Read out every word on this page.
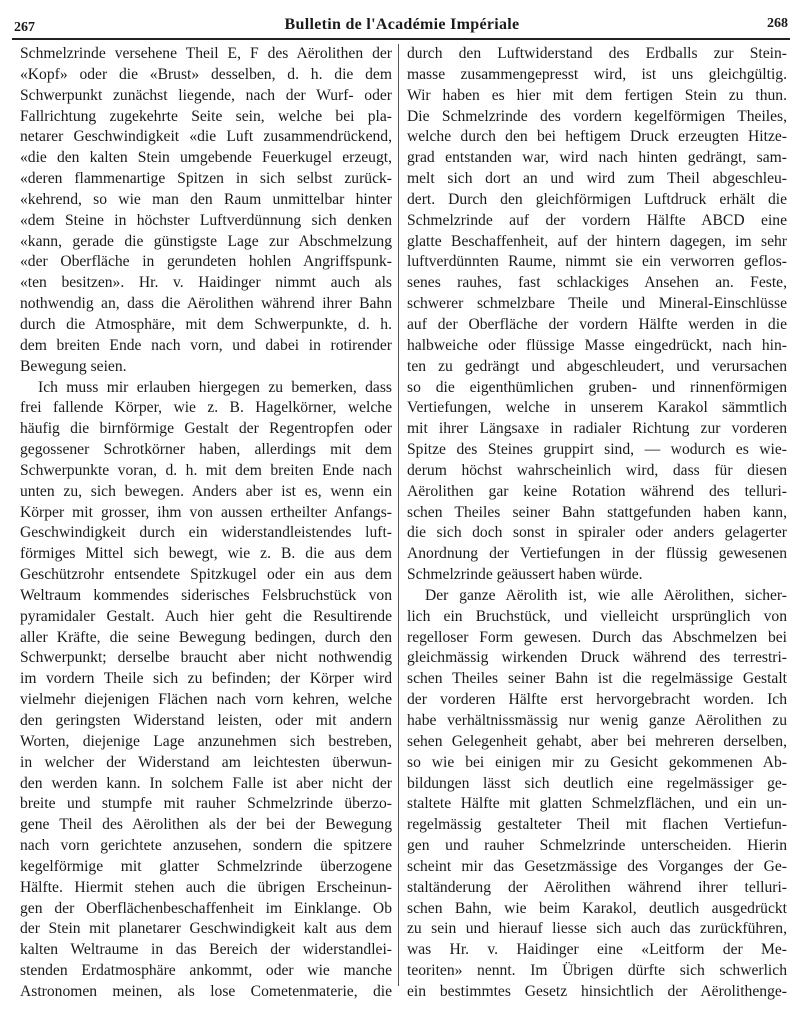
267	Bulletin de l'Académie Impériale	268
Schmelzrinde versehene Theil E, F des Aërolithen der
«Kopf» oder die «Brust» desselben, d. h. die dem
Schwerpunkt zunächst liegende, nach der Wurf- oder
Fallrichtung zugekehrte Seite sein, welche bei pla-
netarer Geschwindigkeit «die Luft zusammendrückend,
«die den kalten Stein umgebende Feuerkugel erzeugt,
«deren flammenartige Spitzen in sich selbst zurück-
«kehrend, so wie man den Raum unmittelbar hinter
«dem Steine in höchster Luftverdünnung sich denken
«kann, gerade die günstigste Lage zur Abschmelzung
«der Oberfläche in gerundeten hohlen Angriffspunk-
«ten besitzen». Hr. v. Haidinger nimmt auch als
nothwendig an, dass die Aërolithen während ihrer Bahn
durch die Atmosphäre, mit dem Schwerpunkte, d. h.
dem breiten Ende nach vorn, und dabei in rotirender
Bewegung seien.
Ich muss mir erlauben hiergegen zu bemerken, dass
frei fallende Körper, wie z. B. Hagelkörner, welche
häufig die birnförmige Gestalt der Regentropfen oder
gegossener Schrotkörner haben, allerdings mit dem
Schwerpunkte voran, d. h. mit dem breiten Ende nach
unten zu, sich bewegen. Anders aber ist es, wenn ein
Körper mit grosser, ihm von aussen ertheilter Anfangs-
Geschwindigkeit durch ein widerstandleistendes luft-
förmiges Mittel sich bewegt, wie z. B. die aus dem
Geschützrohr entsendete Spitzkugel oder ein aus dem
Weltraum kommendes siderisches Felsbruchstück von
pyramidaler Gestalt. Auch hier geht die Resultirende
aller Kräfte, die seine Bewegung bedingen, durch den
Schwerpunkt; derselbe braucht aber nicht nothwendig
im vordern Theile sich zu befinden; der Körper wird
vielmehr diejenigen Flächen nach vorn kehren, welche
den geringsten Widerstand leisten, oder mit andern
Worten, diejenige Lage anzunehmen sich bestreben,
in welcher der Widerstand am leichtesten überwun-
den werden kann. In solchem Falle ist aber nicht der
breite und stumpfe mit rauher Schmelzrinde überzo-
gene Theil des Aërolithen als der bei der Bewegung
nach vorn gerichtete anzusehen, sondern die spitzere
kegelförmige mit glatter Schmelzrinde überzogene
Hälfte. Hiermit stehen auch die übrigen Erscheinun-
gen der Oberflächenbeschaffenheit im Einklange. Ob
der Stein mit planetarer Geschwindigkeit kalt aus dem
kalten Weltraume in das Bereich der widerstandlei-
stenden Erdatmosphäre ankommt, oder wie manche
Astronomen meinen, als lose Cometenmaterie, die
durch den Luftwiderstand des Erdballs zur Stein-
masse zusammengepresst wird, ist uns gleichgültig.
Wir haben es hier mit dem fertigen Stein zu thun.
Die Schmelzrinde des vordern kegelförmigen Theiles,
welche durch den bei heftigem Druck erzeugten Hitze-
grad entstanden war, wird nach hinten gedrängt, sam-
melt sich dort an und wird zum Theil abgeschleu-
dert. Durch den gleichförmigen Luftdruck erhält die
Schmelzrinde auf der vordern Hälfte ABCD eine
glatte Beschaffenheit, auf der hintern dagegen, im sehr
luftverdünnten Raume, nimmt sie ein verworren geflos-
senes rauhes, fast schlackiges Ansehen an. Feste,
schwerer schmelzbare Theile und Mineral-Einschlüsse
auf der Oberfläche der vordern Hälfte werden in die
halbweiche oder flüssige Masse eingedrückt, nach hin-
ten zu gedrängt und abgeschleudert, und verursachen
so die eigenthümlichen gruben- und rinnenförmigen
Vertiefungen, welche in unserem Karakol sämmtlich
mit ihrer Längsaxe in radialer Richtung zur vorderen
Spitze des Steines gruppirt sind, — wodurch es wie-
derum höchst wahrscheinlich wird, dass für diesen
Aërolithen gar keine Rotation während des telluri-
schen Theiles seiner Bahn stattgefunden haben kann,
die sich doch sonst in spiraler oder anders gelagerter
Anordnung der Vertiefungen in der flüssig gewesenen
Schmelzrinde geäussert haben würde.
Der ganze Aërolith ist, wie alle Aërolithen, sicher-
lich ein Bruchstück, und vielleicht ursprünglich von
regelloser Form gewesen. Durch das Abschmelzen bei
gleichmässig wirkenden Druck während des terrestri-
schen Theiles seiner Bahn ist die regelmässige Gestalt
der vorderen Hälfte erst hervorgebracht worden. Ich
habe verhältnissmässig nur wenig ganze Aërolithen zu
sehen Gelegenheit gehabt, aber bei mehreren derselben,
so wie bei einigen mir zu Gesicht gekommenen Ab-
bildungen lässt sich deutlich eine regelmässiger ge-
staltete Hälfte mit glatten Schmelzflächen, und ein un-
regelmässig gestalteter Theil mit flachen Vertiefun-
gen und rauher Schmelzrinde unterscheiden. Hierin
scheint mir das Gesetzmässige des Vorganges der Ge-
staltänderung der Aërolithen während ihrer telluri-
schen Bahn, wie beim Karakol, deutlich ausgedrückt
zu sein und hierauf liesse sich auch das zurückführen,
was Hr. v. Haidinger eine «Leitform der Me-
teoriten» nennt. Im Übrigen dürfte sich schwerlich
ein bestimmtes Gesetz hinsichtlich der Aërolithenge-
